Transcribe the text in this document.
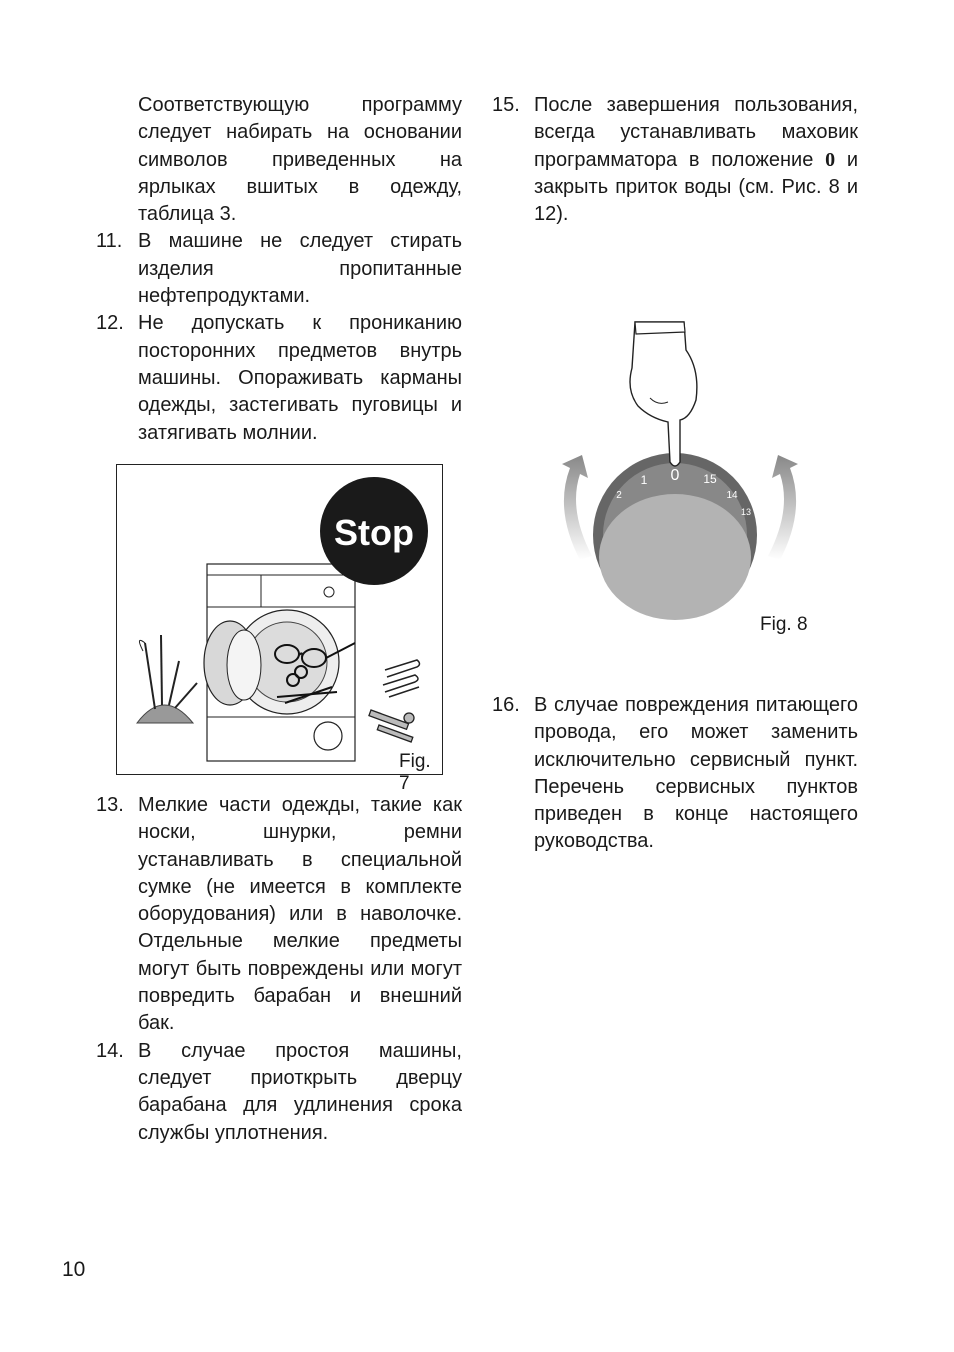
Соответствующую программу следует набирать на основании символов приведенных на ярлыках вшитых в одежду, таблица 3.
11. В машине не следует стирать изделия пропитанные нефтепродуктами.
12. Не допускать к прониканию посторонних предметов внутрь машины. Опораживать карманы одежды, застегивать пуговицы и затягивать молнии.
Stop
Fig. 7
13. Мелкие части одежды, такие как носки, шнурки, ремни устанавливать в специальной сумке (не имеется в комплекте оборудования) или в наволочке. Отдельные мелкие предметы могут быть повреждены или могут повредить барабан и внешний бак.
14. В случае простоя машины, следует приоткрыть дверцу барабана для удлинения срока службы уплотнения.
15. После завершения пользования, всегда устанавливать маховик программатора в положение 0 и закрыть приток воды (см. Рис. 8 и 12).
0
1
2
15
14
13
Fig. 8
16. В случае повреждения питающего провода, его может заменить исключительно сервисный пункт. Перечень сервисных пунктов приведен в конце настоящего руководства.
10
